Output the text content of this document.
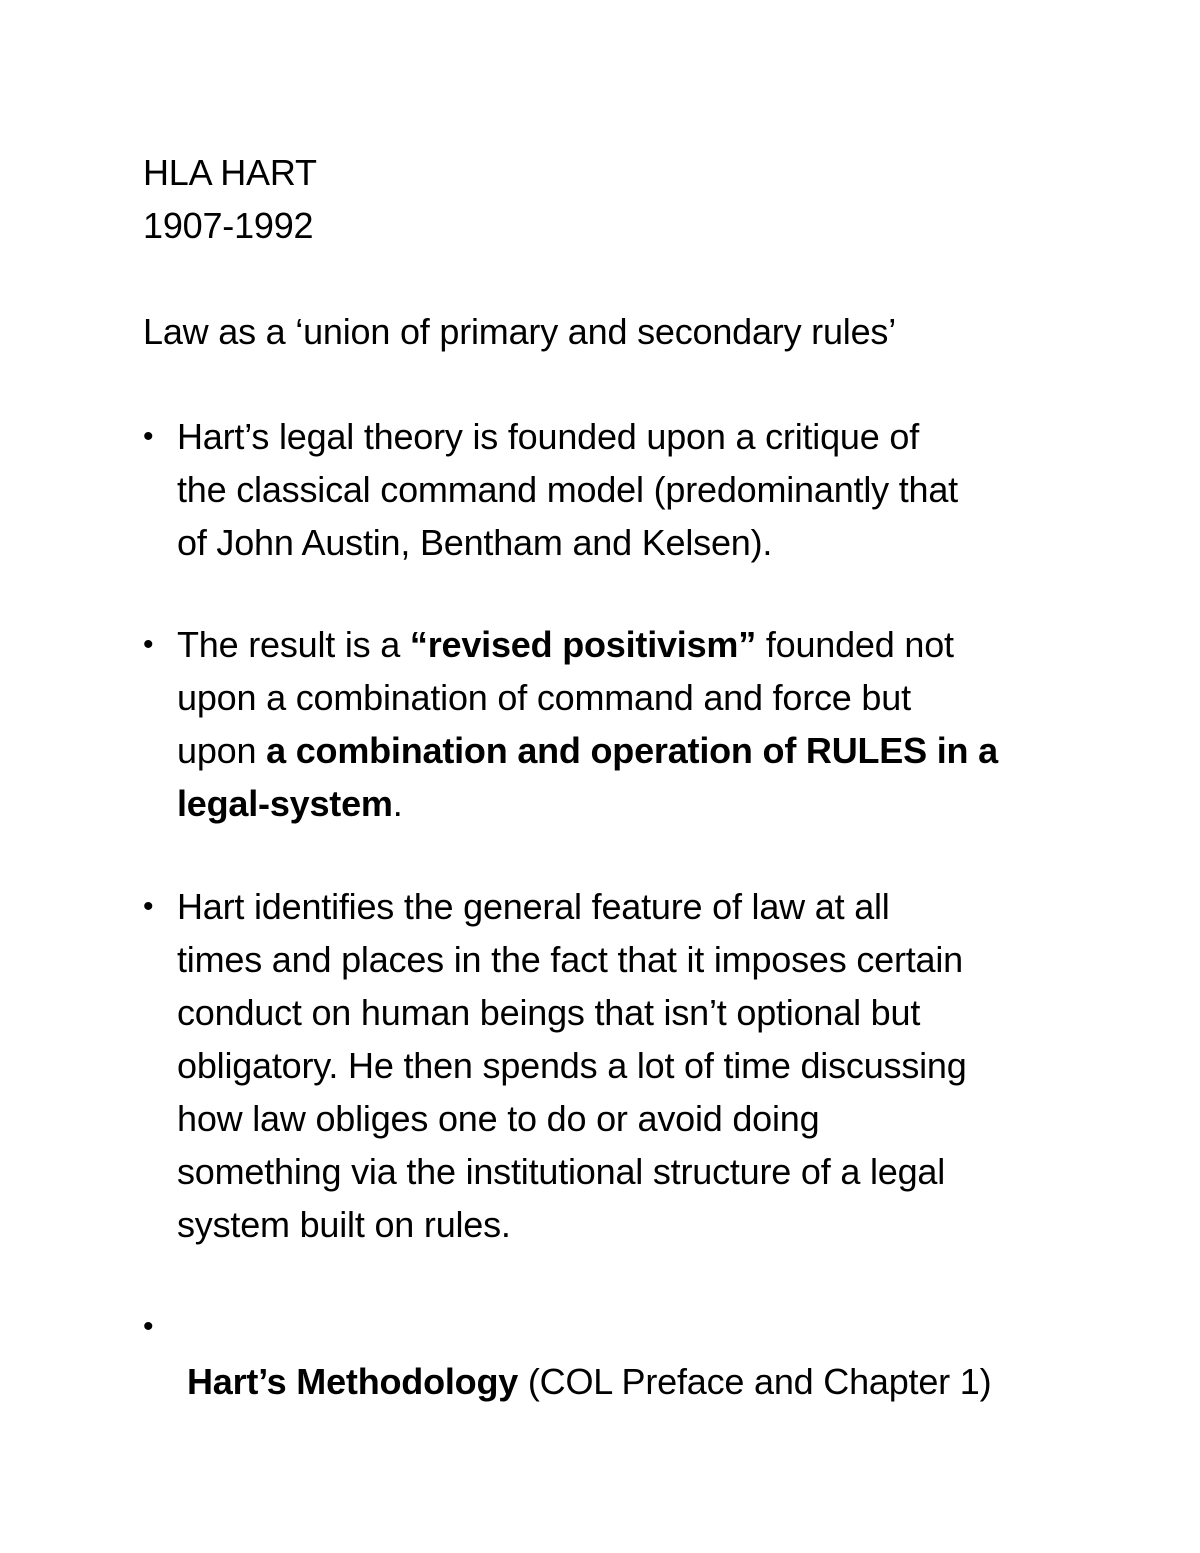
HLA HART
1907-1992
Law as a ‘union of primary and secondary rules’
• Hart’s legal theory is founded upon a critique of
the classical command model (predominantly that
of John Austin, Bentham and Kelsen).
• The result is a “revised positivism” founded not
upon a combination of command and force but
upon a combination and operation of RULES in a
legal-system.
• Hart identifies the general feature of law at all
times and places in the fact that it imposes certain
conduct on human beings that isn’t optional but
obligatory. He then spends a lot of time discussing
how law obliges one to do or avoid doing
something via the institutional structure of a legal
system built on rules.
•
Hart’s Methodology (COL Preface and Chapter 1)
